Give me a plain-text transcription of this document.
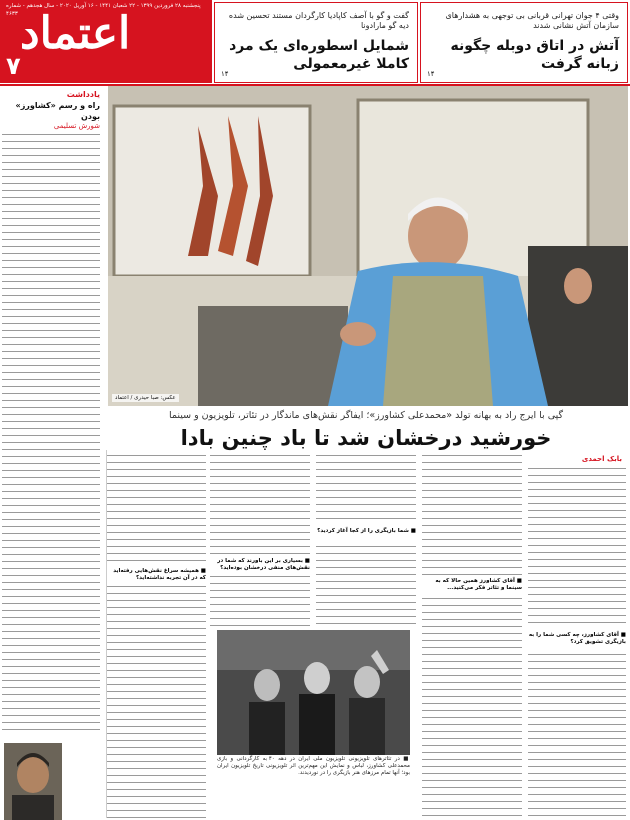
پنجشنبه ۲۸ فروردین ۱۳۹۹ - ۲۲ شعبان ۱۴۴۱ - ۱۶ آوریل ۲۰۲۰ - سال هجدهم - شماره ۴۶۳۳ اعتماد
۷
وقتی ۴ جوان تهرانی قربانی بی توجهی به هشدارهای سازمان آتش نشانی شدند
آتش در اتاق دوبله چگونه زبانه گرفت
۱۴
گفت و گو با آصف کاپادیا کارگردان مستند تحسین شده دیه گو مارادونا
شمایل اسطوره‌ای یک مرد کاملا غیرمعمولی
۱۴
یادداشت
راه و رسم «کشاورز» بودن
شورش تسلیمی
عکس: صبا حیدری / اعتماد
گپی با ایرج راد به بهانه تولد «محمدعلی کشاورز»؛ ایفاگر نقش‌های ماندگار در تئاتر، تلویزیون و سینما
خورشید درخشان شد تا باد چنین بادا
بابک احمدی
■ آقای کشاورز، چه کسی شما را به بازیگری تشویق کرد؟
■ آقای کشاورز همین حالا که به سینما و تئاتر فکر می‌کنید...
■ شما بازیگری را از کجا آغاز کردید؟
■ بسیاری بر این باورند که شما در نقش‌های منفی درخشان بوده‌اید؟
■ همیشه سراغ نقش‌هایی رفته‌اید که در آن تجربه نداشته‌اید؟
■ در تئاترهای تلویزیونی تلویزیون ملی ایران در دهه ۴۰ به کارگردانی و بازی محمدعلی کشاورز، لباس و نمایش این مهم‌ترین اثر تلویزیونی تاریخ تلویزیون ایران بود؛ آنها تمام مرزهای هنر بازیگری را در نوردیدند.
